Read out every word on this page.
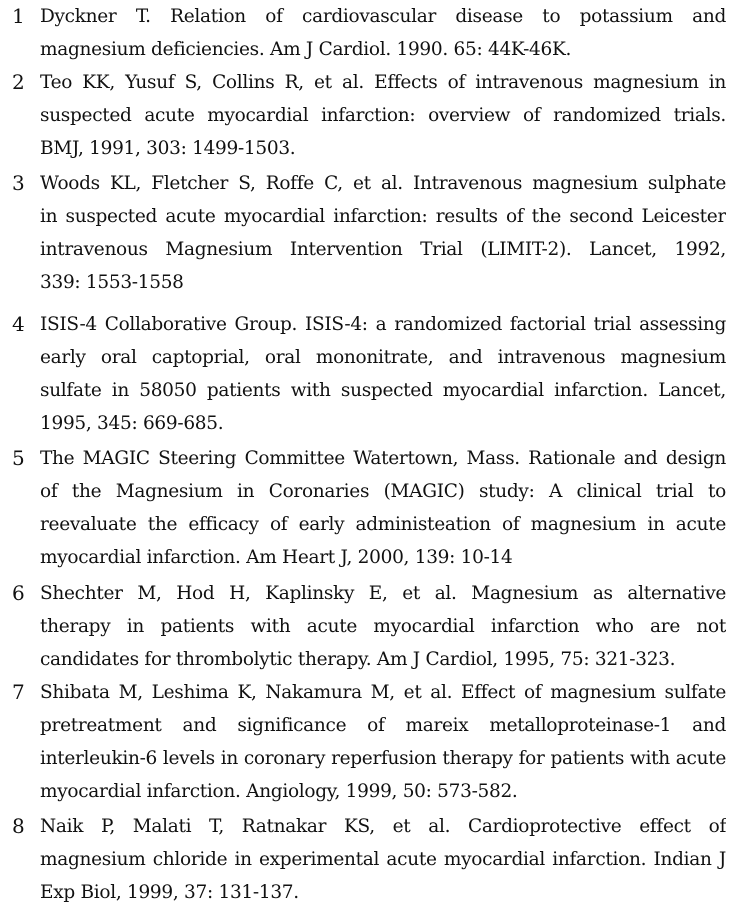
1 Dyckner T. Relation of cardiovascular disease to potassium and
magnesium deficiencies. Am J Cardiol. 1990. 65: 44K-46K.
2 Teo KK, Yusuf S, Collins R, et al. Effects of intravenous magnesium in
suspected acute myocardial infarction: overview of randomized trials.
BMJ, 1991, 303: 1499-1503.
3 Woods KL, Fletcher S, Roffe C, et al. Intravenous magnesium sulphate
in suspected acute myocardial infarction: results of the second Leicester
intravenous Magnesium Intervention Trial (LIMIT-2). Lancet, 1992,
339: 1553-1558
4 ISIS-4 Collaborative Group. ISIS-4: a randomized factorial trial assessing
early oral captoprial, oral mononitrate, and intravenous magnesium
sulfate in 58050 patients with suspected myocardial infarction. Lancet,
1995, 345: 669-685.
5 The MAGIC Steering Committee Watertown, Mass. Rationale and design
of the Magnesium in Coronaries (MAGIC) study: A clinical trial to
reevaluate the efficacy of early administeation of magnesium in acute
myocardial infarction. Am Heart J, 2000, 139: 10-14
6 Shechter M, Hod H, Kaplinsky E, et al. Magnesium as alternative
therapy in patients with acute myocardial infarction who are not
candidates for thrombolytic therapy. Am J Cardiol, 1995, 75: 321-323.
7 Shibata M, Leshima K, Nakamura M, et al. Effect of magnesium sulfate
pretreatment and significance of mareix metalloproteinase-1 and
interleukin-6 levels in coronary reperfusion therapy for patients with acute
myocardial infarction. Angiology, 1999, 50: 573-582.
8 Naik P, Malati T, Ratnakar KS, et al. Cardioprotective effect of
magnesium chloride in experimental acute myocardial infarction. Indian J
Exp Biol, 1999, 37: 131-137.
